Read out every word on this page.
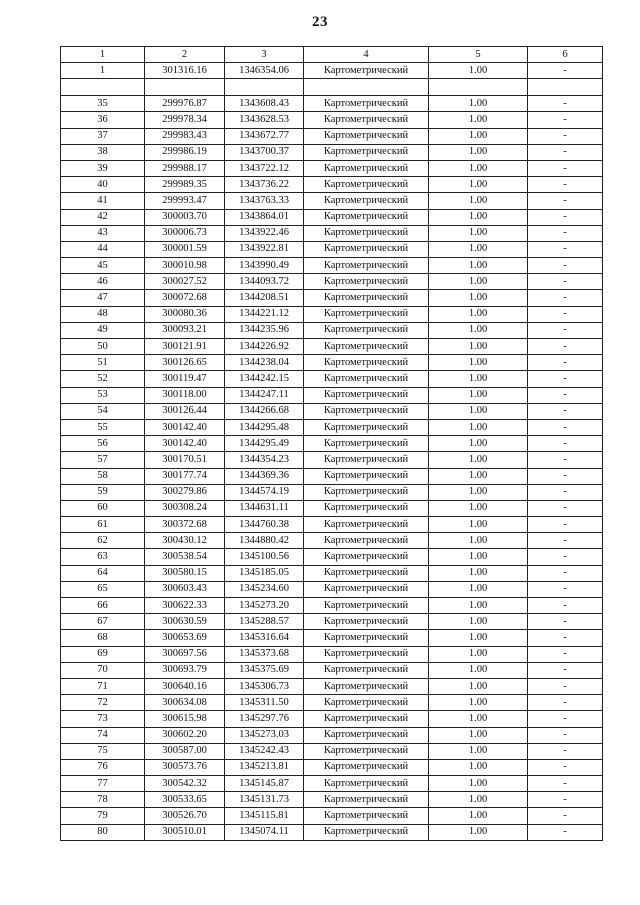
23
1	2	3	4	5	6
1	301316.16	1346354.06	Картометрический	1.00	-

35	299976.87	1343608.43	Картометрический	1.00	-
36	299978.34	1343628.53	Картометрический	1.00	-
37	299983.43	1343672.77	Картометрический	1.00	-
38	299986.19	1343700.37	Картометрический	1.00	-
39	299988.17	1343722.12	Картометрический	1.00	-
40	299989.35	1343736.22	Картометрический	1.00	-
41	299993.47	1343763.33	Картометрический	1.00	-
42	300003.70	1343864.01	Картометрический	1.00	-
43	300006.73	1343922.46	Картометрический	1.00	-
44	300001.59	1343922.81	Картометрический	1.00	-
45	300010.98	1343990.49	Картометрический	1.00	-
46	300027.52	1344093.72	Картометрический	1.00	-
47	300072.68	1344208.51	Картометрический	1.00	-
48	300080.36	1344221.12	Картометрический	1.00	-
49	300093.21	1344235.96	Картометрический	1.00	-
50	300121.91	1344226.92	Картометрический	1.00	-
51	300126.65	1344238.04	Картометрический	1.00	-
52	300119.47	1344242.15	Картометрический	1.00	-
53	300118.00	1344247.11	Картометрический	1.00	-
54	300126.44	1344266.68	Картометрический	1.00	-
55	300142.40	1344295.48	Картометрический	1.00	-
56	300142.40	1344295.49	Картометрический	1.00	-
57	300170.51	1344354.23	Картометрический	1.00	-
58	300177.74	1344369.36	Картометрический	1.00	-
59	300279.86	1344574.19	Картометрический	1.00	-
60	300308.24	1344631.11	Картометрический	1.00	-
61	300372.68	1344760.38	Картометрический	1.00	-
62	300430.12	1344880.42	Картометрический	1.00	-
63	300538.54	1345100.56	Картометрический	1.00	-
64	300580.15	1345185.05	Картометрический	1.00	-
65	300603.43	1345234.60	Картометрический	1.00	-
66	300622.33	1345273.20	Картометрический	1.00	-
67	300630.59	1345288.57	Картометрический	1.00	-
68	300653.69	1345316.64	Картометрический	1.00	-
69	300697.56	1345373.68	Картометрический	1.00	-
70	300693.79	1345375.69	Картометрический	1.00	-
71	300640.16	1345306.73	Картометрический	1.00	-
72	300634.08	1345311.50	Картометрический	1.00	-
73	300615.98	1345297.76	Картометрический	1.00	-
74	300602.20	1345273.03	Картометрический	1.00	-
75	300587.00	1345242.43	Картометрический	1.00	-
76	300573.76	1345213.81	Картометрический	1.00	-
77	300542.32	1345145.87	Картометрический	1.00	-
78	300533.65	1345131.73	Картометрический	1.00	-
79	300526.70	1345115.81	Картометрический	1.00	-
80	300510.01	1345074.11	Картометрический	1.00	-
